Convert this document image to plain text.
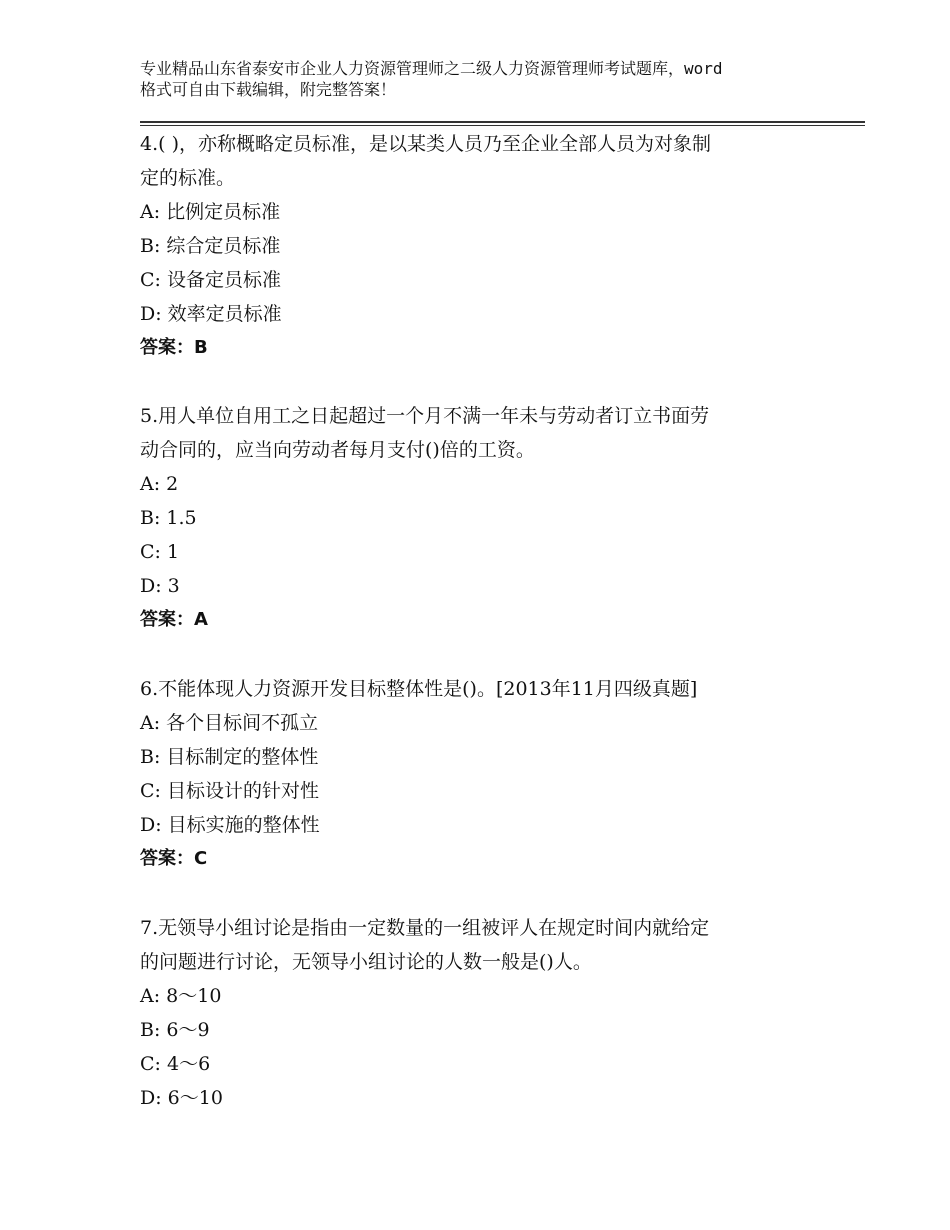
专业精品山东省泰安市企业人力资源管理师之二级人力资源管理师考试题库，word
格式可自由下载编辑，附完整答案！

4.( )，亦称概略定员标准，是以某类人员乃至企业全部人员为对象制

定的标准。

A: 比例定员标准

B: 综合定员标准

C: 设备定员标准

D: 效率定员标准

答案：B

5.用人单位自用工之日起超过一个月不满一年未与劳动者订立书面劳

动合同的，应当向劳动者每月支付()倍的工资。

A: 2

B: 1.5

C: 1

D: 3

答案：A

6.不能体现人力资源开发目标整体性是()。[2013年11月四级真题]

A: 各个目标间不孤立

B: 目标制定的整体性

C: 目标设计的针对性

D: 目标实施的整体性

答案：C

7.无领导小组讨论是指由一定数量的一组被评人在规定时间内就给定

的问题进行讨论，无领导小组讨论的人数一般是()人。

A: 8～10

B: 6～9

C: 4～6

D: 6～10
